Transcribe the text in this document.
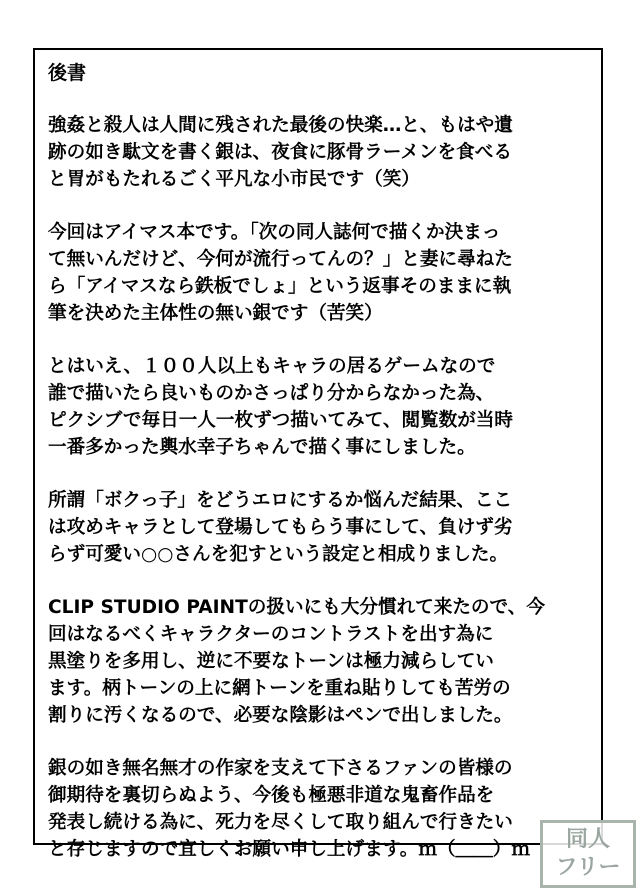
後書
強姦と殺人は人間に残された最後の快楽…と、もはや遺
跡の如き駄文を書く銀は、夜食に豚骨ラーメンを食べる
と胃がもたれるごく平凡な小市民です（笑）
今回はアイマス本です。「次の同人誌何で描くか決まっ
て無いんだけど、今何が流行ってんの？」と妻に尋ねた
ら「アイマスなら鉄板でしょ」という返事そのままに執
筆を決めた主体性の無い銀です（苦笑）
とはいえ、１００人以上もキャラの居るゲームなので
誰で描いたら良いものかさっぱり分からなかった為、
ピクシブで毎日一人一枚ずつ描いてみて、閲覧数が当時
一番多かった輿水幸子ちゃんで描く事にしました。
所謂「ボクっ子」をどうエロにするか悩んだ結果、ここ
は攻めキャラとして登場してもらう事にして、負けず劣
らず可愛い○○さんを犯すという設定と相成りました。
CLIP STUDIO PAINTの扱いにも大分慣れて来たので、今
回はなるべくキャラクターのコントラストを出す為に
黒塗りを多用し、逆に不要なトーンは極力減らしてい
ます。柄トーンの上に網トーンを重ね貼りしても苦労の
割りに汚くなるので、必要な陰影はペンで出しました。
銀の如き無名無才の作家を支えて下さるファンの皆様の
御期待を裏切らぬよう、今後も極悪非道な鬼畜作品を
発表し続ける為に、死力を尽くして取り組んで行きたい
と存じますので宜しくお願い申し上げます。ｍ（＿＿）ｍ	同人
フリー
